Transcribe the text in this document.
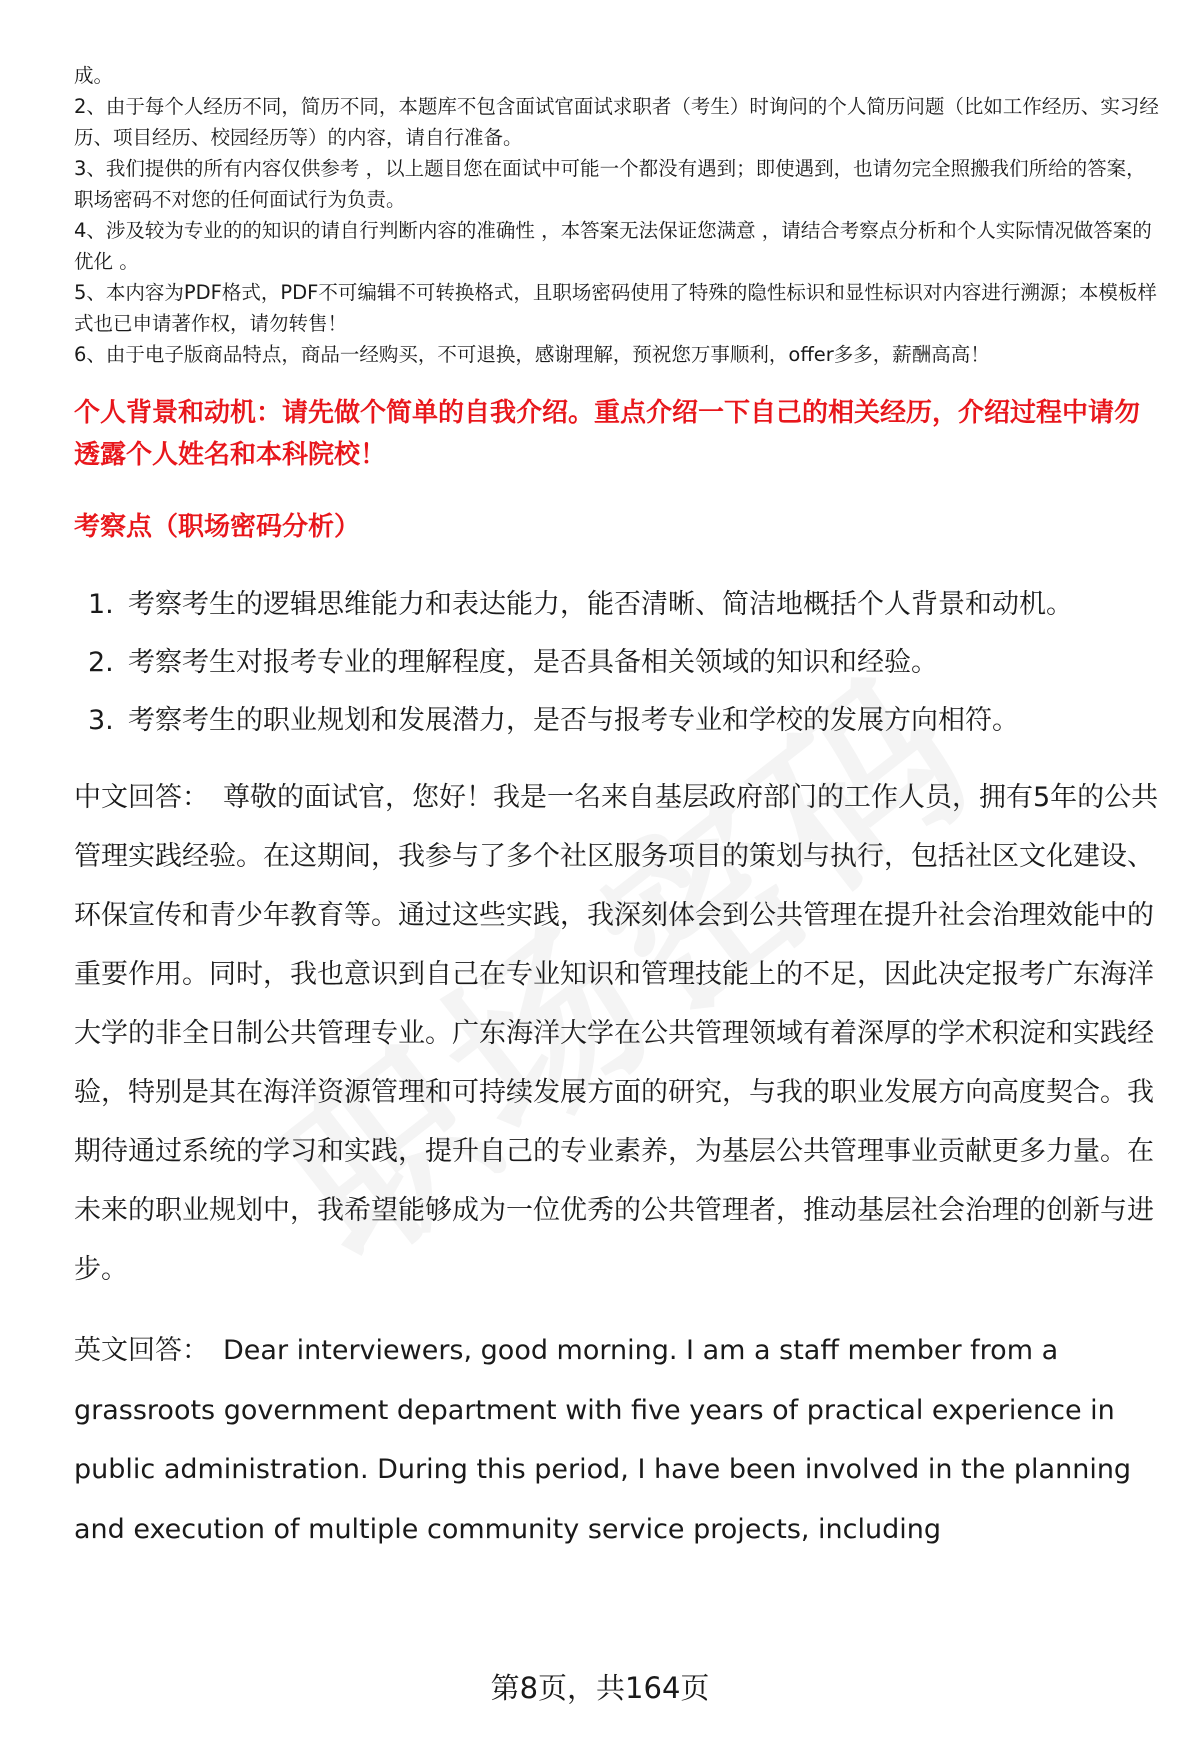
成。

2、由于每个人经历不同，简历不同，本题库不包含面试官面试求职者（考生）时询问的个人简历问题（比如工作经历、实习经历、项目经历、校园经历等）的内容，请自行准备。

3、我们提供的所有内容仅供参考 ，以上题目您在面试中可能一个都没有遇到；即使遇到，也请勿完全照搬我们所给的答案，职场密码不对您的任何面试行为负责。

4、涉及较为专业的的知识的请自行判断内容的准确性 ，本答案无法保证您满意 ，请结合考察点分析和个人实际情况做答案的优化 。

5、本内容为PDF格式，PDF不可编辑不可转换格式，且职场密码使用了特殊的隐性标识和显性标识对内容进行溯源；本模板样式也已申请著作权，请勿转售！

6、由于电子版商品特点，商品一经购买，不可退换，感谢理解，预祝您万事顺利，offer多多，薪酬高高！

个人背景和动机：请先做个简单的自我介绍。重点介绍一下自己的相关经历，介绍过程中请勿透露个人姓名和本科院校！
考察点（职场密码分析）
1. 考察考生的逻辑思维能力和表达能力，能否清晰、简洁地概括个人背景和动机。
2. 考察考生对报考专业的理解程度，是否具备相关领域的知识和经验。
3. 考察考生的职业规划和发展潜力，是否与报考专业和学校的发展方向相符。

中文回答： 尊敬的面试官，您好！我是一名来自基层政府部门的工作人员，拥有5年的公共管理实践经验。在这期间，我参与了多个社区服务项目的策划与执行，包括社区文化建设、环保宣传和青少年教育等。通过这些实践，我深刻体会到公共管理在提升社会治理效能中的重要作用。同时，我也意识到自己在专业知识和管理技能上的不足，因此决定报考广东海洋大学的非全日制公共管理专业。广东海洋大学在公共管理领域有着深厚的学术积淀和实践经验，特别是其在海洋资源管理和可持续发展方面的研究，与我的职业发展方向高度契合。我期待通过系统的学习和实践，提升自己的专业素养，为基层公共管理事业贡献更多力量。在未来的职业规划中，我希望能够成为一位优秀的公共管理者，推动基层社会治理的创新与进步。

英文回答： Dear interviewers, good morning. I am a staff member from a grassroots government department with five years of practical experience in public administration. During this period, I have been involved in the planning and execution of multiple community service projects, including

第8页，共164页
